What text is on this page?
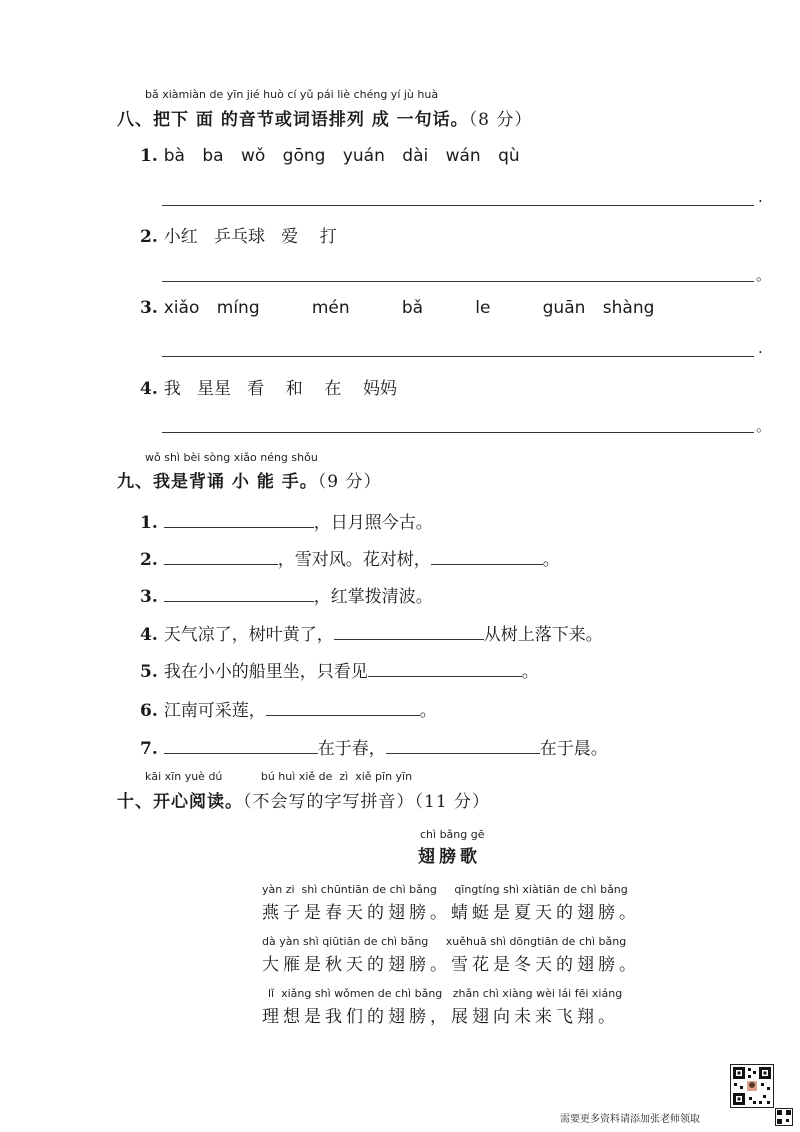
bǎ xiàmiàn de yīn jié huò cí yǔ pái liè chéng yí jù huà
八、把下 面 的音节或词语排列 成 一句话。（8 分）
1. bà ba wǒ gōng yuán dài wán qù
.
2. 小红   乒乓球   爱    打
。
3. xiǎo míng   mén   bǎ   le   guān shàng
.
4. 我   星星   看    和    在    妈妈
。
wǒ shì bèi sòng xiǎo néng shǒu
九、我是背诵 小 能 手。（9 分）
1.	，日月照今古。
2.	，雪对风。花对树，	。
3.	，红掌拨清波。
4. 天气凉了，树叶黄了，	从树上落下来。
5. 我在小小的船里坐，只看见	。
6. 江南可采莲，	。
7.	在于春，	在于晨。
kāi xīn yuè dú           bú huì xiě de  zì  xiě pīn yīn
十、开心阅读。（不会写的字写拼音）（11 分）
chì bǎng gē
翅膀歌
yàn zi  shì chūntiān de chì bǎng     qīngtíng shì xiàtiān de chì bǎng
燕子是春天的翅膀。蜻蜓是夏天的翅膀。
dà yàn shì qiūtiān de chì bǎng     xuěhuā shì dōngtiān de chì bǎng
大雁是秋天的翅膀。雪花是冬天的翅膀。
lǐ  xiǎng shì wǒmen de chì bǎng   zhǎn chì xiàng wèi lái fēi xiáng
理想是我们的翅膀，展翅向未来飞翔。
需要更多资料请添加张老师领取
